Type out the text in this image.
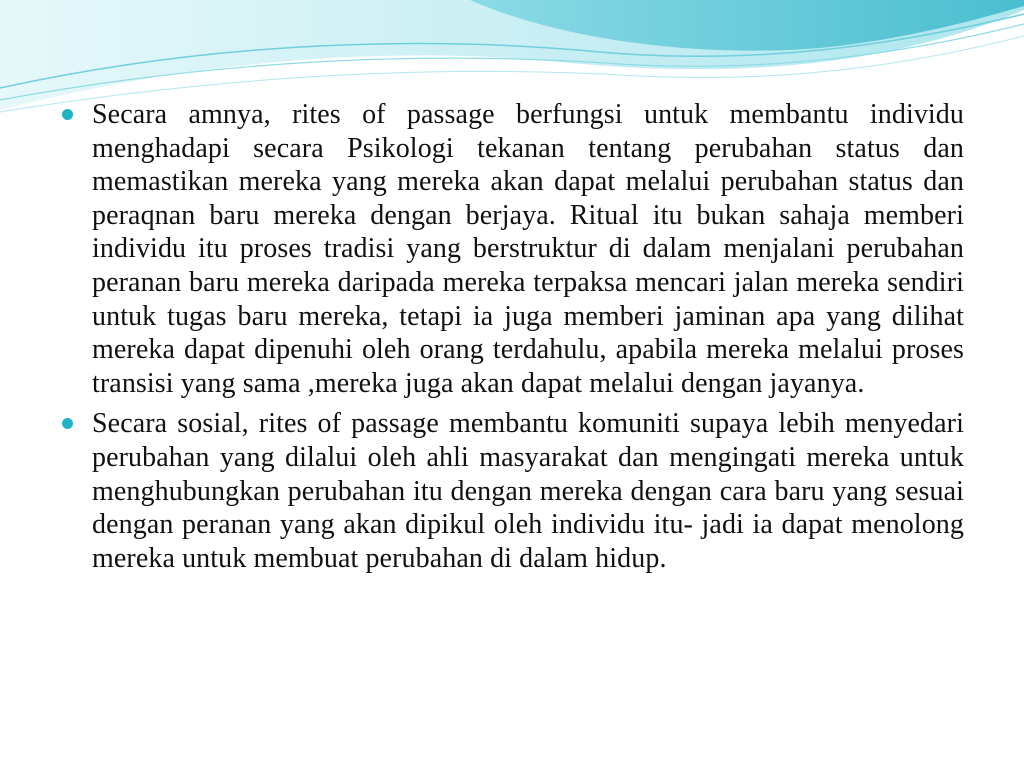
Secara amnya, rites of passage berfungsi untuk membantu individu menghadapi secara Psikologi tekanan tentang perubahan status dan memastikan mereka yang mereka akan dapat melalui perubahan status dan peraqnan baru mereka dengan berjaya. Ritual itu bukan sahaja memberi individu itu proses tradisi yang berstruktur di dalam menjalani perubahan peranan baru mereka daripada mereka terpaksa mencari jalan mereka sendiri untuk tugas baru mereka, tetapi ia juga memberi jaminan apa yang dilihat mereka dapat dipenuhi oleh orang terdahulu, apabila mereka melalui proses transisi yang sama ,mereka juga akan dapat melalui dengan jayanya.
Secara sosial, rites of passage membantu komuniti supaya lebih menyedari perubahan yang dilalui oleh ahli masyarakat dan mengingati mereka untuk menghubungkan perubahan itu dengan mereka dengan cara baru yang sesuai dengan peranan yang akan dipikul oleh individu itu- jadi ia dapat menolong mereka untuk membuat perubahan di dalam hidup.
